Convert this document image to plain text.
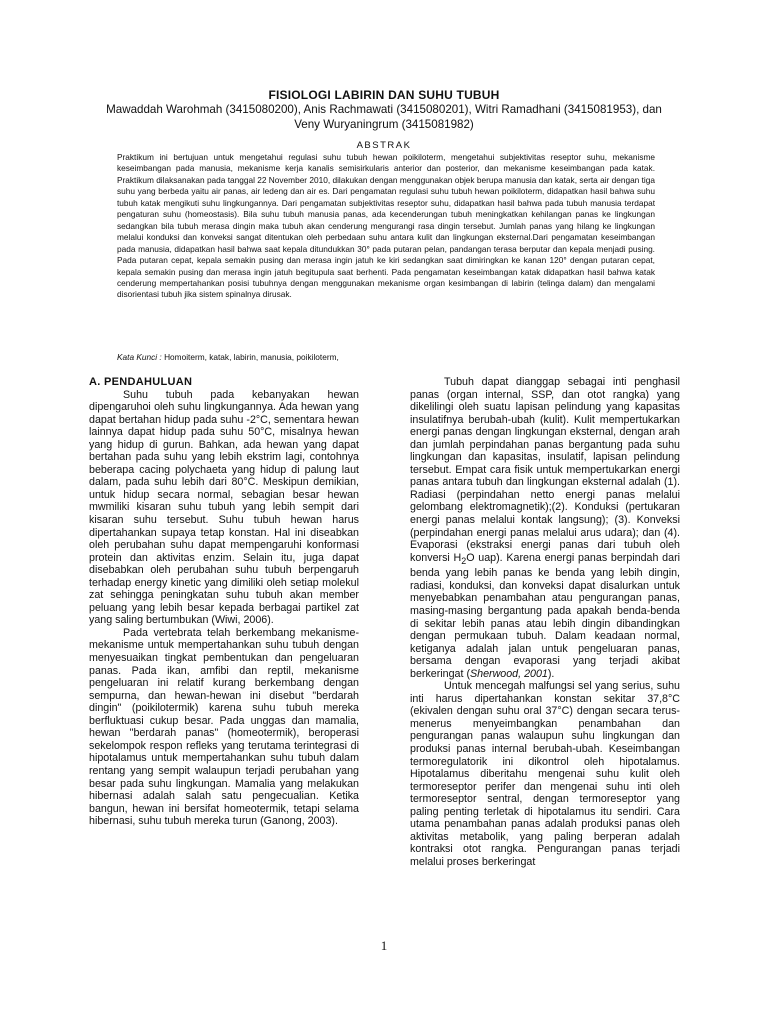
FISIOLOGI LABIRIN DAN SUHU TUBUH
Mawaddah Warohmah (3415080200), Anis Rachmawati (3415080201), Witri Ramadhani (3415081953), dan
Veny Wuryaningrum (3415081982)
ABSTRAK

Praktikum ini bertujuan untuk mengetahui regulasi suhu tubuh hewan poikiloterm, mengetahui subjektivitas reseptor suhu, mekanisme keseimbangan pada manusia, mekanisme kerja kanalis semisirkularis anterior dan posterior, dan mekanisme keseimbangan pada katak. Praktikum dilaksanakan pada tanggal 22 November 2010, dilakukan dengan menggunakan objek berupa manusia dan katak, serta air dengan tiga suhu yang berbeda yaitu air panas, air ledeng dan air es. Dari pengamatan regulasi suhu tubuh hewan poikiloterm, didapatkan hasil bahwa suhu tubuh katak mengikuti suhu lingkungannya. Dari pengamatan subjektivitas reseptor suhu, didapatkan hasil bahwa pada tubuh manusia terdapat pengaturan suhu (homeostasis). Bila suhu tubuh manusia panas, ada kecenderungan tubuh meningkatkan kehilangan panas ke lingkungan sedangkan bila tubuh merasa dingin maka tubuh akan cenderung mengurangi rasa dingin tersebut. Jumlah panas yang hilang ke lingkungan melalui konduksi dan konveksi sangat ditentukan oleh perbedaan suhu antara kulit dan lingkungan eksternal.Dari pengamatan keseimbangan pada manusia, didapatkan hasil bahwa saat kepala ditundukkan 30° pada putaran pelan, pandangan terasa berputar dan kepala menjadi pusing. Pada putaran cepat, kepala semakin pusing dan merasa ingin jatuh ke kiri sedangkan saat dimiringkan ke kanan 120° dengan putaran cepat, kepala semakin pusing dan merasa ingin jatuh begitupula saat berhenti. Pada pengamatan keseimbangan katak didapatkan hasil bahwa katak cenderung mempertahankan posisi tubuhnya dengan menggunakan mekanisme organ kesimbangan di labirin (telinga dalam) dan mengalami disorientasi tubuh jika sistem spinalnya dirusak.

Kata Kunci : Homoiterm, katak, labirin, manusia, poikiloterm,

A. PENDAHULUAN

Suhu tubuh pada kebanyakan hewan dipengaruhoi oleh suhu lingkungannya. Ada hewan yang dapat bertahan hidup pada suhu -2°C, sementara hewan lainnya dapat hidup pada suhu 50°C, misalnya hewan yang hidup di gurun. Bahkan, ada hewan yang dapat bertahan pada suhu yang lebih ekstrim lagi, contohnya beberapa cacing polychaeta yang hidup di palung laut dalam, pada suhu lebih dari 80°C. Meskipun demikian, untuk hidup secara normal, sebagian besar hewan mwmiliki kisaran suhu tubuh yang lebih sempit dari kisaran suhu tersebut. Suhu tubuh hewan harus dipertahankan supaya tetap konstan. Hal ini diseabkan oleh perubahan suhu dapat mempengaruhi konformasi protein dan aktivitas enzim. Selain itu, juga dapat disebabkan oleh perubahan suhu tubuh berpengaruh terhadap energy kinetic yang dimiliki oleh setiap molekul zat sehingga peningkatan suhu tubuh akan member peluang yang lebih besar kepada berbagai partikel zat yang saling bertumbukan (Wiwi, 2006).

Pada vertebrata telah berkembang mekanisme-mekanisme untuk mempertahankan suhu tubuh dengan menyesuaikan tingkat pembentukan dan pengeluaran panas. Pada ikan, amfibi dan reptil, mekanisme pengeluaran ini relatif kurang berkembang dengan sempurna, dan hewan-hewan ini disebut "berdarah dingin" (poikilotermik) karena suhu tubuh mereka berfluktuasi cukup besar. Pada unggas dan mamalia, hewan "berdarah panas" (homeotermik), beroperasi sekelompok respon refleks yang terutama terintegrasi di hipotalamus untuk mempertahankan suhu tubuh dalam rentang yang sempit walaupun terjadi perubahan yang besar pada suhu lingkungan. Mamalia yang melakukan hibernasi adalah salah satu pengecualian. Ketika bangun, hewan ini bersifat homeotermik, tetapi selama hibernasi, suhu tubuh mereka turun (Ganong, 2003).

Tubuh dapat dianggap sebagai inti penghasil panas (organ internal, SSP, dan otot rangka) yang dikelilingi oleh suatu lapisan pelindung yang kapasitas insulatifnya berubah-ubah (kulit). Kulit mempertukarkan energi panas dengan lingkungan eksternal, dengan arah dan jumlah perpindahan panas bergantung pada suhu lingkungan dan kapasitas, insulatif, lapisan pelindung tersebut. Empat cara fisik untuk mempertukarkan energi panas antara tubuh dan lingkungan eksternal adalah (1). Radiasi (perpindahan netto energi panas melalui gelombang elektromagnetik);(2). Konduksi (pertukaran energi panas melalui kontak langsung); (3). Konveksi (perpindahan energi panas melalui arus udara); dan (4). Evaporasi (ekstraksi energi panas dari tubuh oleh konversi $H_2O$ uap). Karena energi panas berpindah dari benda yang lebih panas ke benda yang lebih dingin, radiasi, konduksi, dan konveksi dapat disalurkan untuk menyebabkan penambahan atau pengurangan panas, masing-masing bergantung pada apakah benda-benda di sekitar lebih panas atau lebih dingin dibandingkan dengan permukaan tubuh. Dalam keadaan normal, ketiganya adalah jalan untuk pengeluaran panas, bersama dengan evaporasi yang terjadi akibat berkeringat (Sherwood, 2001).

Untuk mencegah malfungsi sel yang serius, suhu inti harus dipertahankan konstan sekitar 37,8°C (ekivalen dengan suhu oral 37°C) dengan secara terus-menerus menyeimbangkan penambahan dan pengurangan panas walaupun suhu lingkungan dan produksi panas internal berubah-ubah. Keseimbangan termoregulatorik ini dikontrol oleh hipotalamus. Hipotalamus diberitahu mengenai suhu kulit oleh termoreseptor perifer dan mengenai suhu inti oleh termoreseptor sentral, dengan termoreseptor yang paling penting terletak di hipotalamus itu sendiri. Cara utama penambahan panas adalah produksi panas oleh aktivitas metabolik, yang paling berperan adalah kontraksi otot rangka. Pengurangan panas terjadi melalui proses berkeringat

1
